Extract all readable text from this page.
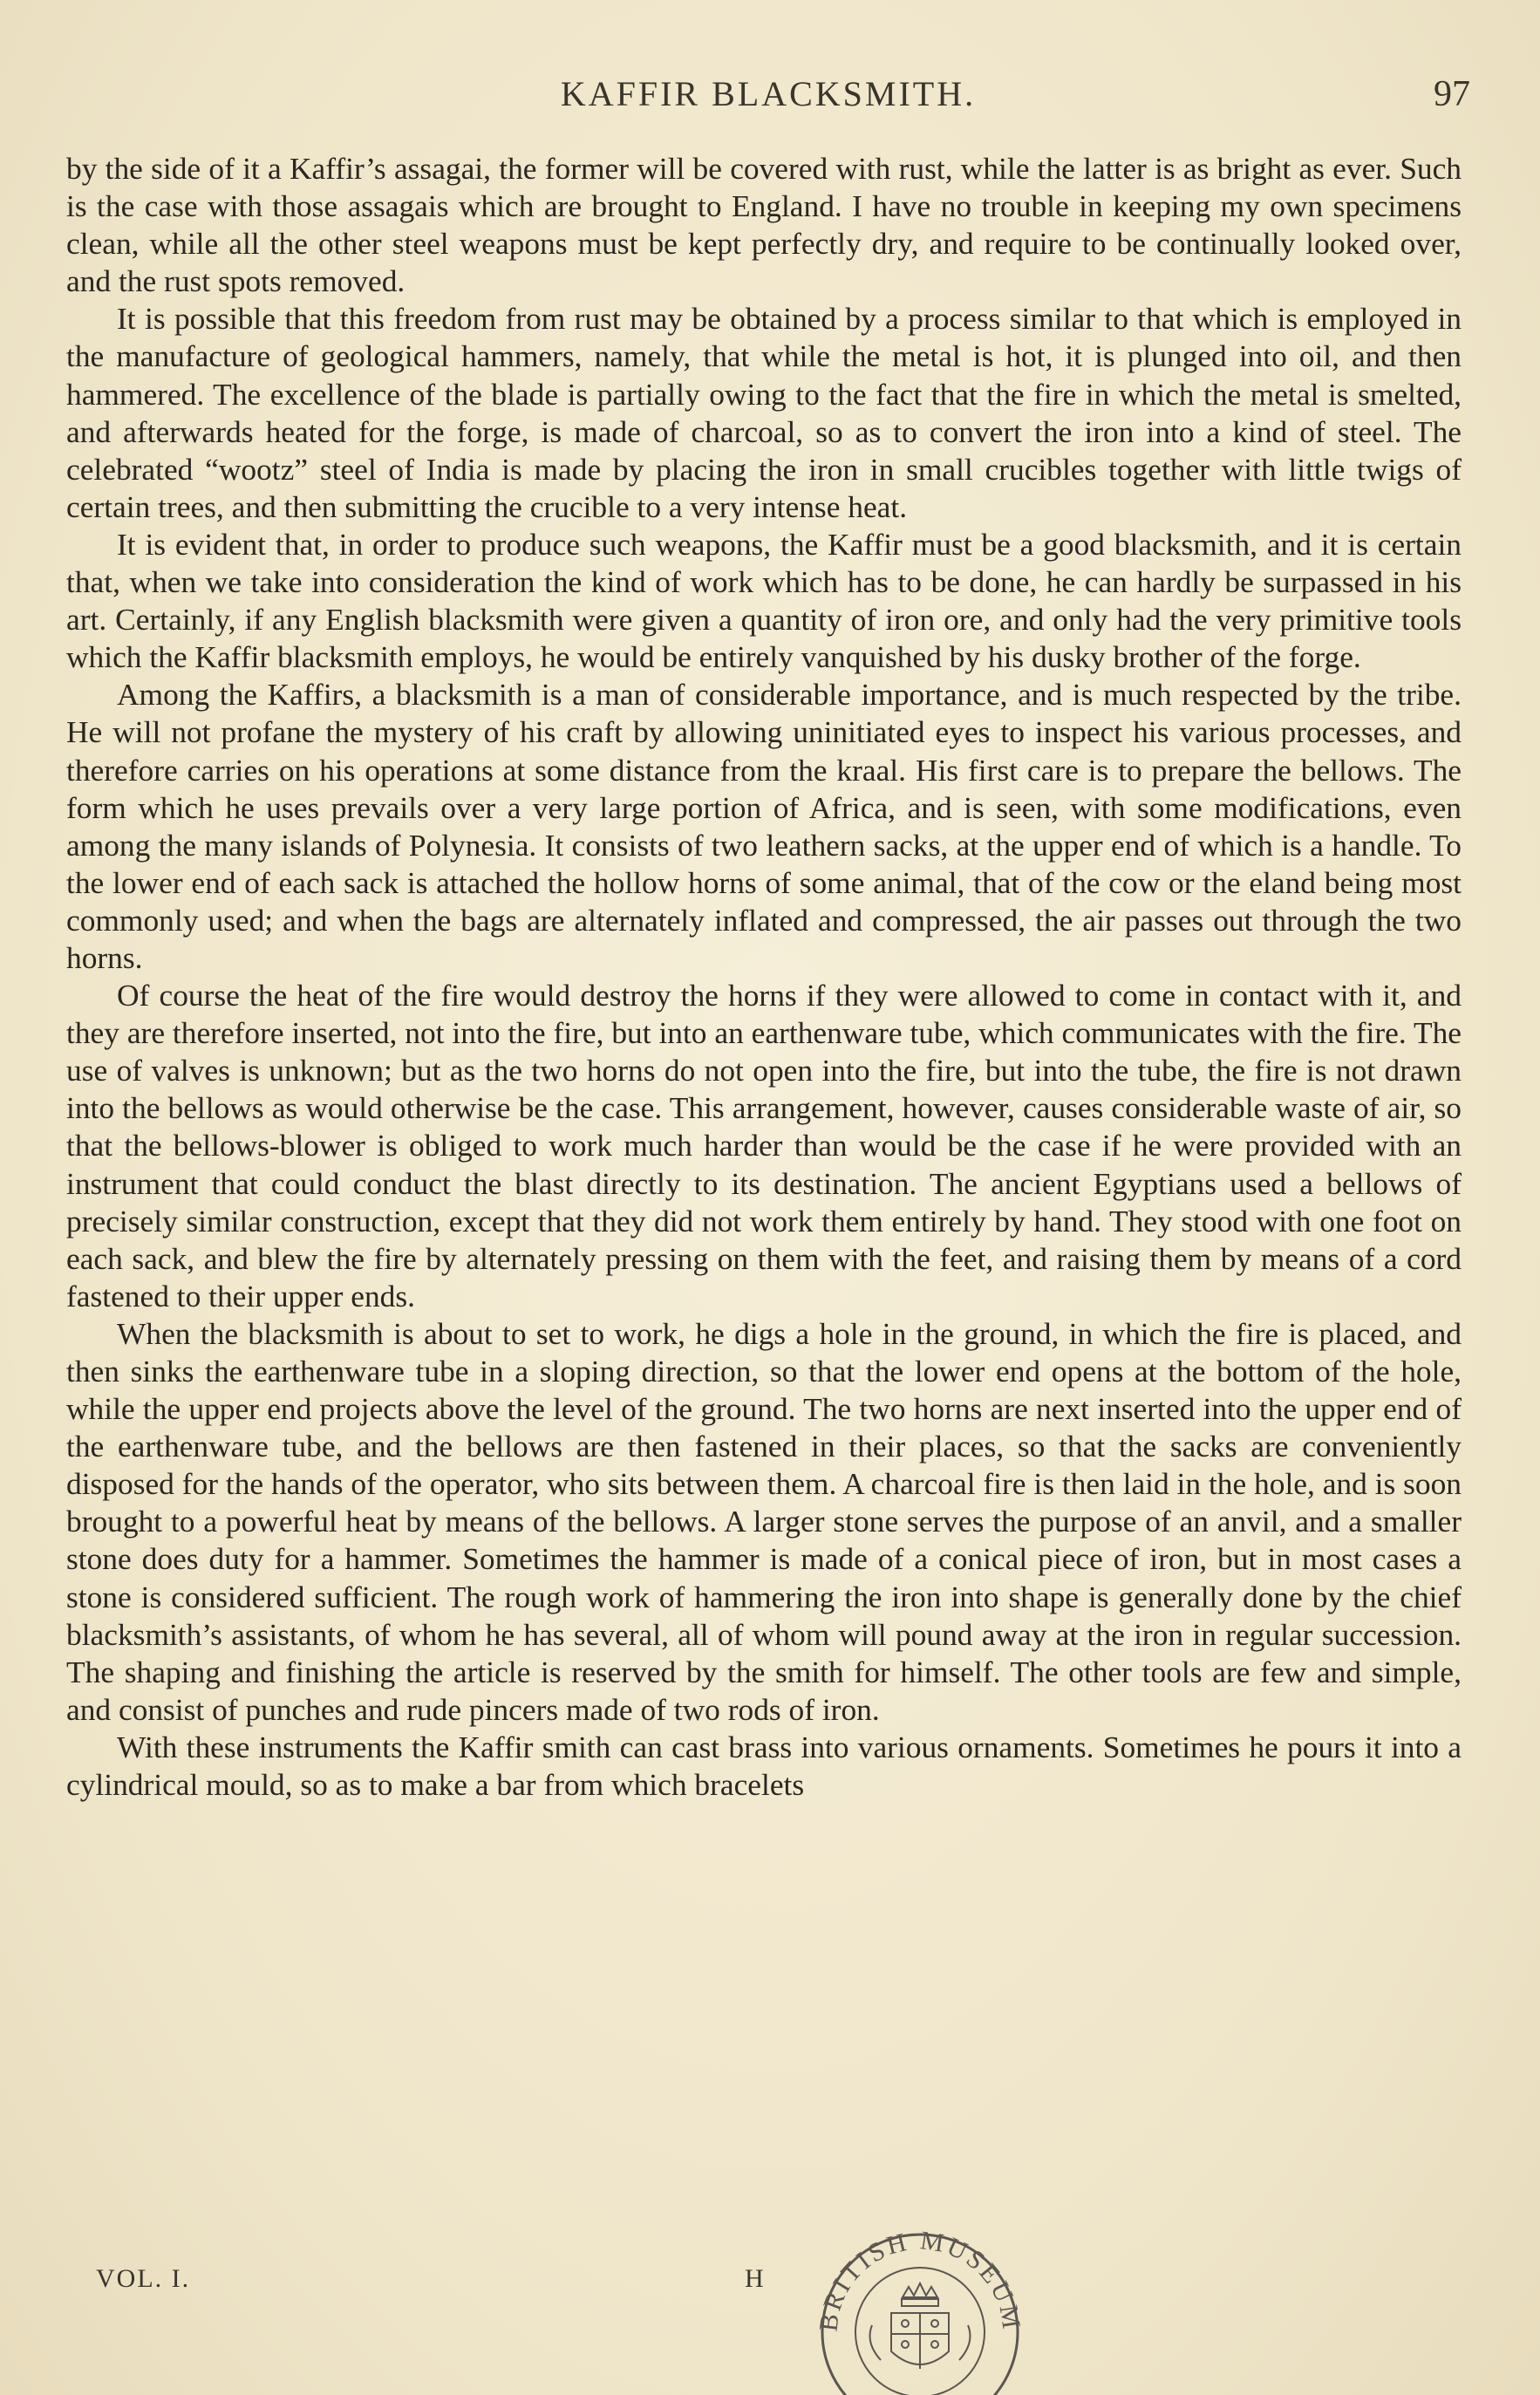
KAFFIR BLACKSMITH.	97

by the side of it a Kaffir’s assagai, the former will be covered with rust, while the latter is as bright as ever. Such is the case with those assagais which are brought to England. I have no trouble in keeping my own specimens clean, while all the other steel weapons must be kept perfectly dry, and require to be continually looked over, and the rust spots removed.

It is possible that this freedom from rust may be obtained by a process similar to that which is employed in the manufacture of geological hammers, namely, that while the metal is hot, it is plunged into oil, and then hammered. The excellence of the blade is partially owing to the fact that the fire in which the metal is smelted, and afterwards heated for the forge, is made of charcoal, so as to convert the iron into a kind of steel. The celebrated “wootz” steel of India is made by placing the iron in small crucibles together with little twigs of certain trees, and then submitting the crucible to a very intense heat.

It is evident that, in order to produce such weapons, the Kaffir must be a good blacksmith, and it is certain that, when we take into consideration the kind of work which has to be done, he can hardly be surpassed in his art. Certainly, if any English blacksmith were given a quantity of iron ore, and only had the very primitive tools which the Kaffir blacksmith employs, he would be entirely vanquished by his dusky brother of the forge.

Among the Kaffirs, a blacksmith is a man of considerable importance, and is much respected by the tribe. He will not profane the mystery of his craft by allowing uninitiated eyes to inspect his various processes, and therefore carries on his operations at some distance from the kraal. His first care is to prepare the bellows. The form which he uses prevails over a very large portion of Africa, and is seen, with some modifications, even among the many islands of Polynesia. It consists of two leathern sacks, at the upper end of which is a handle. To the lower end of each sack is attached the hollow horns of some animal, that of the cow or the eland being most commonly used; and when the bags are alternately inflated and compressed, the air passes out through the two horns.

Of course the heat of the fire would destroy the horns if they were allowed to come in contact with it, and they are therefore inserted, not into the fire, but into an earthenware tube, which communicates with the fire. The use of valves is unknown; but as the two horns do not open into the fire, but into the tube, the fire is not drawn into the bellows as would otherwise be the case. This arrangement, however, causes considerable waste of air, so that the bellows-blower is obliged to work much harder than would be the case if he were provided with an instrument that could conduct the blast directly to its destination. The ancient Egyptians used a bellows of precisely similar construction, except that they did not work them entirely by hand. They stood with one foot on each sack, and blew the fire by alternately pressing on them with the feet, and raising them by means of a cord fastened to their upper ends.

When the blacksmith is about to set to work, he digs a hole in the ground, in which the fire is placed, and then sinks the earthenware tube in a sloping direction, so that the lower end opens at the bottom of the hole, while the upper end projects above the level of the ground. The two horns are next inserted into the upper end of the earthenware tube, and the bellows are then fastened in their places, so that the sacks are conveniently disposed for the hands of the operator, who sits between them. A charcoal fire is then laid in the hole, and is soon brought to a powerful heat by means of the bellows. A larger stone serves the purpose of an anvil, and a smaller stone does duty for a hammer. Sometimes the hammer is made of a conical piece of iron, but in most cases a stone is considered sufficient. The rough work of hammering the iron into shape is generally done by the chief blacksmith’s assistants, of whom he has several, all of whom will pound away at the iron in regular succession. The shaping and finishing the article is reserved by the smith for himself. The other tools are few and simple, and consist of punches and rude pincers made of two rods of iron.

With these instruments the Kaffir smith can cast brass into various ornaments. Sometimes he pours it into a cylindrical mould, so as to make a bar from which bracelets

VOL. I.	H
BRITISH MUSEUM
